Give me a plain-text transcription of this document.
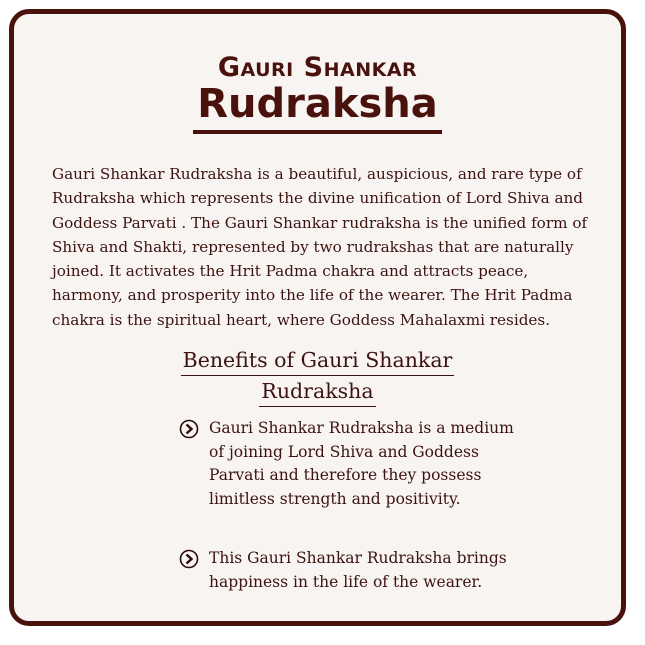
Gauri Shankar
Rudraksha
Gauri Shankar Rudraksha is a beautiful, auspicious, and rare type of Rudraksha which represents the divine unification of Lord Shiva and Goddess Parvati . The Gauri Shankar rudraksha is the unified form of Shiva and Shakti, represented by two rudrakshas that are naturally joined. It activates the Hrit Padma chakra and attracts peace, harmony, and prosperity into the life of the wearer. The Hrit Padma chakra is the spiritual heart, where Goddess Mahalaxmi resides.
Benefits of Gauri Shankar
Rudraksha
Gauri Shankar Rudraksha is a medium of joining Lord Shiva and Goddess Parvati and therefore they possess limitless strength and positivity.
This Gauri Shankar Rudraksha brings happiness in the life of the wearer.
